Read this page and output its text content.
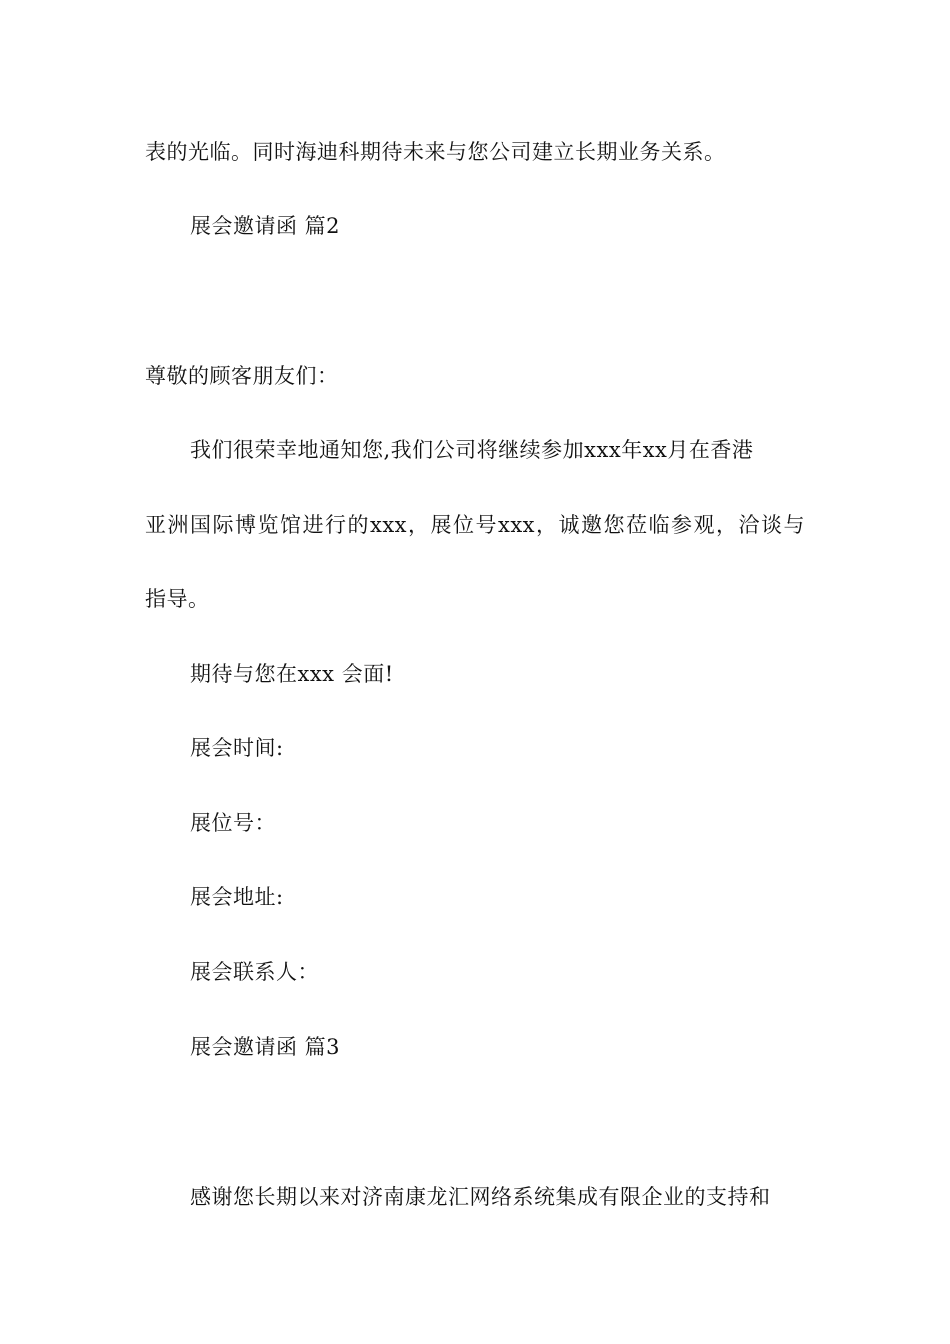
表的光临。同时海迪科期待未来与您公司建立长期业务关系。
展会邀请函 篇2
尊敬的顾客朋友们：
我们很荣幸地通知您,我们公司将继续参加xxx年xx月在香港
亚洲国际博览馆进行的xxx，展位号xxx，诚邀您莅临参观，洽谈与
指导。
期待与您在xxx 会面!
展会时间:
展位号：
展会地址:
展会联系人：
展会邀请函 篇3
感谢您长期以来对济南康龙汇网络系统集成有限企业的支持和
